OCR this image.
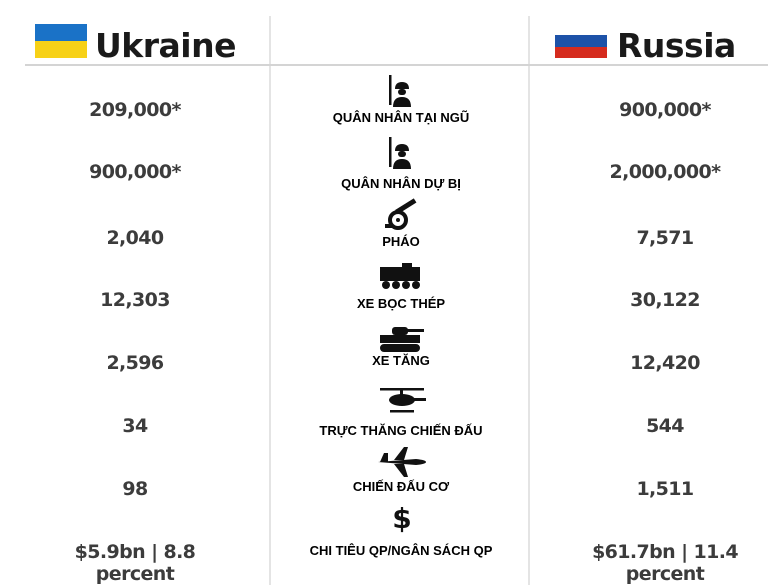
Ukraine	Russia
QUÂN NHÂN TẠI NGŨ
209,000*	900,000*
QUÂN NHÂN DỰ BỊ
900,000*	2,000,000*
PHÁO
2,040	7,571
XE BỌC THÉP
12,303	30,122
XE TĂNG
2,596	12,420
TRỰC THĂNG CHIẾN ĐẤU
34	544
CHIẾN ĐẤU CƠ
98	1,511
$
CHI TIÊU QP/NGÂN SÁCH QP
$5.9bn | 8.8 percent
$61.7bn | 11.4 percent
